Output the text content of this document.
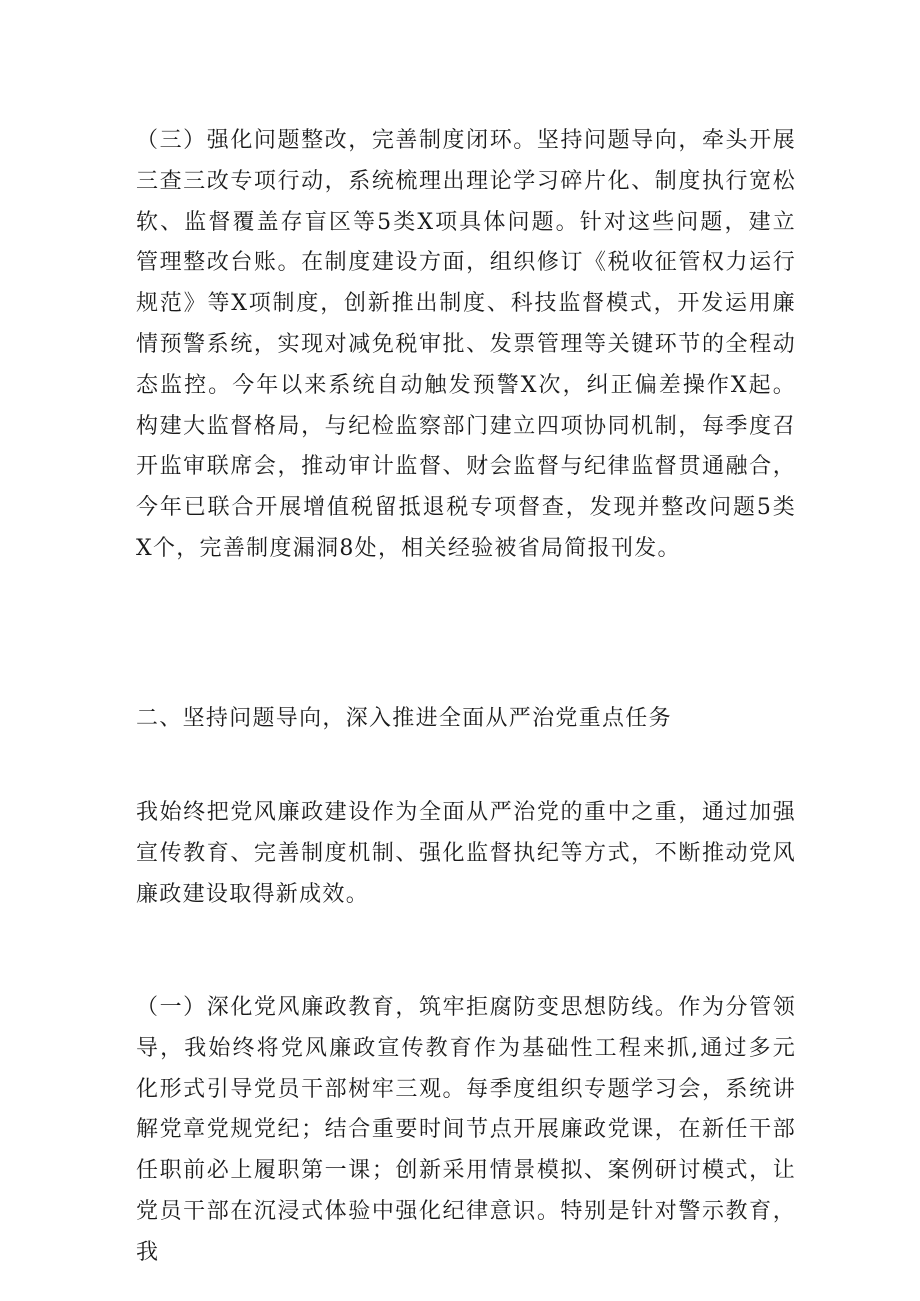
（三）强化问题整改，完善制度闭环。坚持问题导向，牵头开展三查三改专项行动，系统梳理出理论学习碎片化、制度执行宽松软、监督覆盖存盲区等5类X项具体问题。针对这些问题，建立管理整改台账。在制度建设方面，组织修订《税收征管权力运行规范》等X项制度，创新推出制度、科技监督模式，开发运用廉情预警系统，实现对减免税审批、发票管理等关键环节的全程动态监控。今年以来系统自动触发预警X次，纠正偏差操作X起。构建大监督格局，与纪检监察部门建立四项协同机制，每季度召开监审联席会，推动审计监督、财会监督与纪律监督贯通融合，今年已联合开展增值税留抵退税专项督查，发现并整改问题5类X个，完善制度漏洞8处，相关经验被省局简报刊发。

二、坚持问题导向，深入推进全面从严治党重点任务

我始终把党风廉政建设作为全面从严治党的重中之重，通过加强宣传教育、完善制度机制、强化监督执纪等方式，不断推动党风廉政建设取得新成效。

（一）深化党风廉政教育，筑牢拒腐防变思想防线。作为分管领导，我始终将党风廉政宣传教育作为基础性工程来抓,通过多元化形式引导党员干部树牢三观。每季度组织专题学习会，系统讲解党章党规党纪；结合重要时间节点开展廉政党课，在新任干部任职前必上履职第一课；创新采用情景模拟、案例研讨模式，让党员干部在沉浸式体验中强化纪律意识。特别是针对警示教育，我
